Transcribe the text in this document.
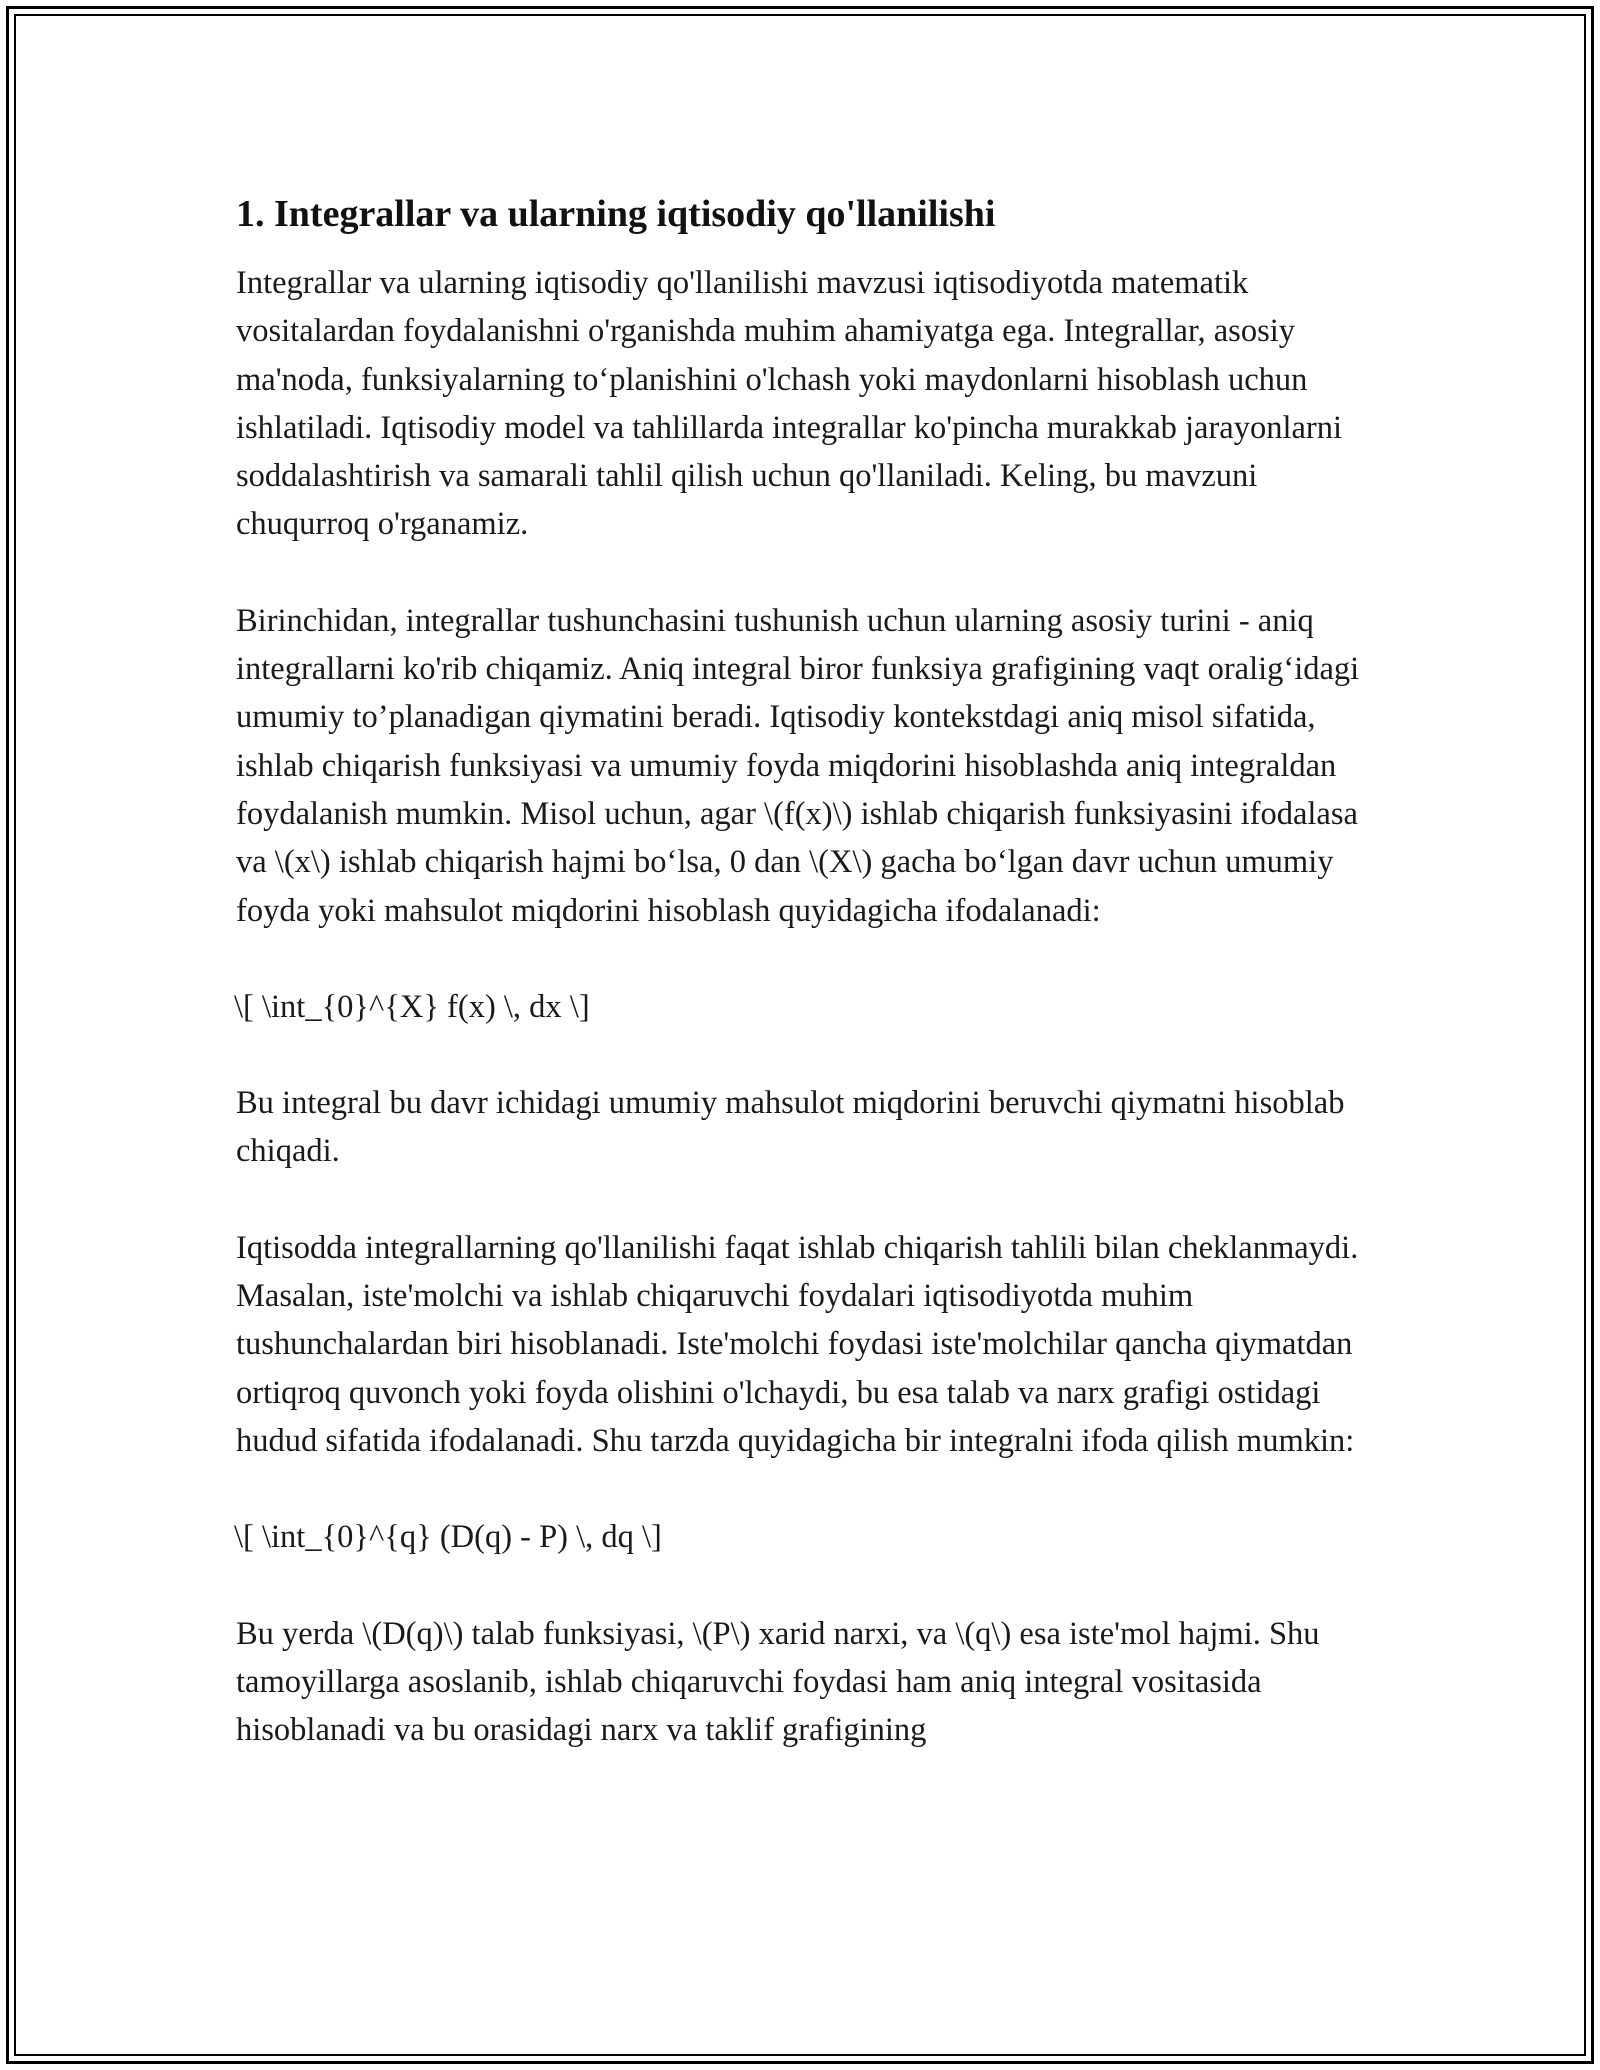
1. Integrallar va ularning iqtisodiy qo'llanilishi

Integrallar va ularning iqtisodiy qo'llanilishi mavzusi iqtisodiyotda matematik vositalardan foydalanishni o'rganishda muhim ahamiyatga ega. Integrallar, asosiy ma'noda, funksiyalarning to‘planishini o'lchash yoki maydonlarni hisoblash uchun ishlatiladi. Iqtisodiy model va tahlillarda integrallar ko'pincha murakkab jarayonlarni soddalashtirish va samarali tahlil qilish uchun qo'llaniladi. Keling, bu mavzuni chuqurroq o'rganamiz.

Birinchidan, integrallar tushunchasini tushunish uchun ularning asosiy turini - aniq integrallarni ko'rib chiqamiz. Aniq integral biror funksiya grafigining vaqt oralig‘idagi umumiy to’planadigan qiymatini beradi. Iqtisodiy kontekstdagi aniq misol sifatida, ishlab chiqarish funksiyasi va umumiy foyda miqdorini hisoblashda aniq integraldan foydalanish mumkin. Misol uchun, agar \(f(x)\) ishlab chiqarish funksiyasini ifodalasa va \(x\) ishlab chiqarish hajmi bo‘lsa, 0 dan \(X\) gacha bo‘lgan davr uchun umumiy foyda yoki mahsulot miqdorini hisoblash quyidagicha ifodalanadi:

\[ \int_{0}^{X} f(x) \, dx \]

Bu integral bu davr ichidagi umumiy mahsulot miqdorini beruvchi qiymatni hisoblab chiqadi.

Iqtisodda integrallarning qo'llanilishi faqat ishlab chiqarish tahlili bilan cheklanmaydi. Masalan, iste'molchi va ishlab chiqaruvchi foydalari iqtisodiyotda muhim tushunchalardan biri hisoblanadi. Iste'molchi foydasi iste'molchilar qancha qiymatdan ortiqroq quvonch yoki foyda olishini o'lchaydi, bu esa talab va narx grafigi ostidagi hudud sifatida ifodalanadi. Shu tarzda quyidagicha bir integralni ifoda qilish mumkin:

\[ \int_{0}^{q} (D(q) - P) \, dq \]

Bu yerda \(D(q)\) talab funksiyasi, \(P\) xarid narxi, va \(q\) esa iste'mol hajmi. Shu tamoyillarga asoslanib, ishlab chiqaruvchi foydasi ham aniq integral vositasida hisoblanadi va bu orasidagi narx va taklif grafigining
